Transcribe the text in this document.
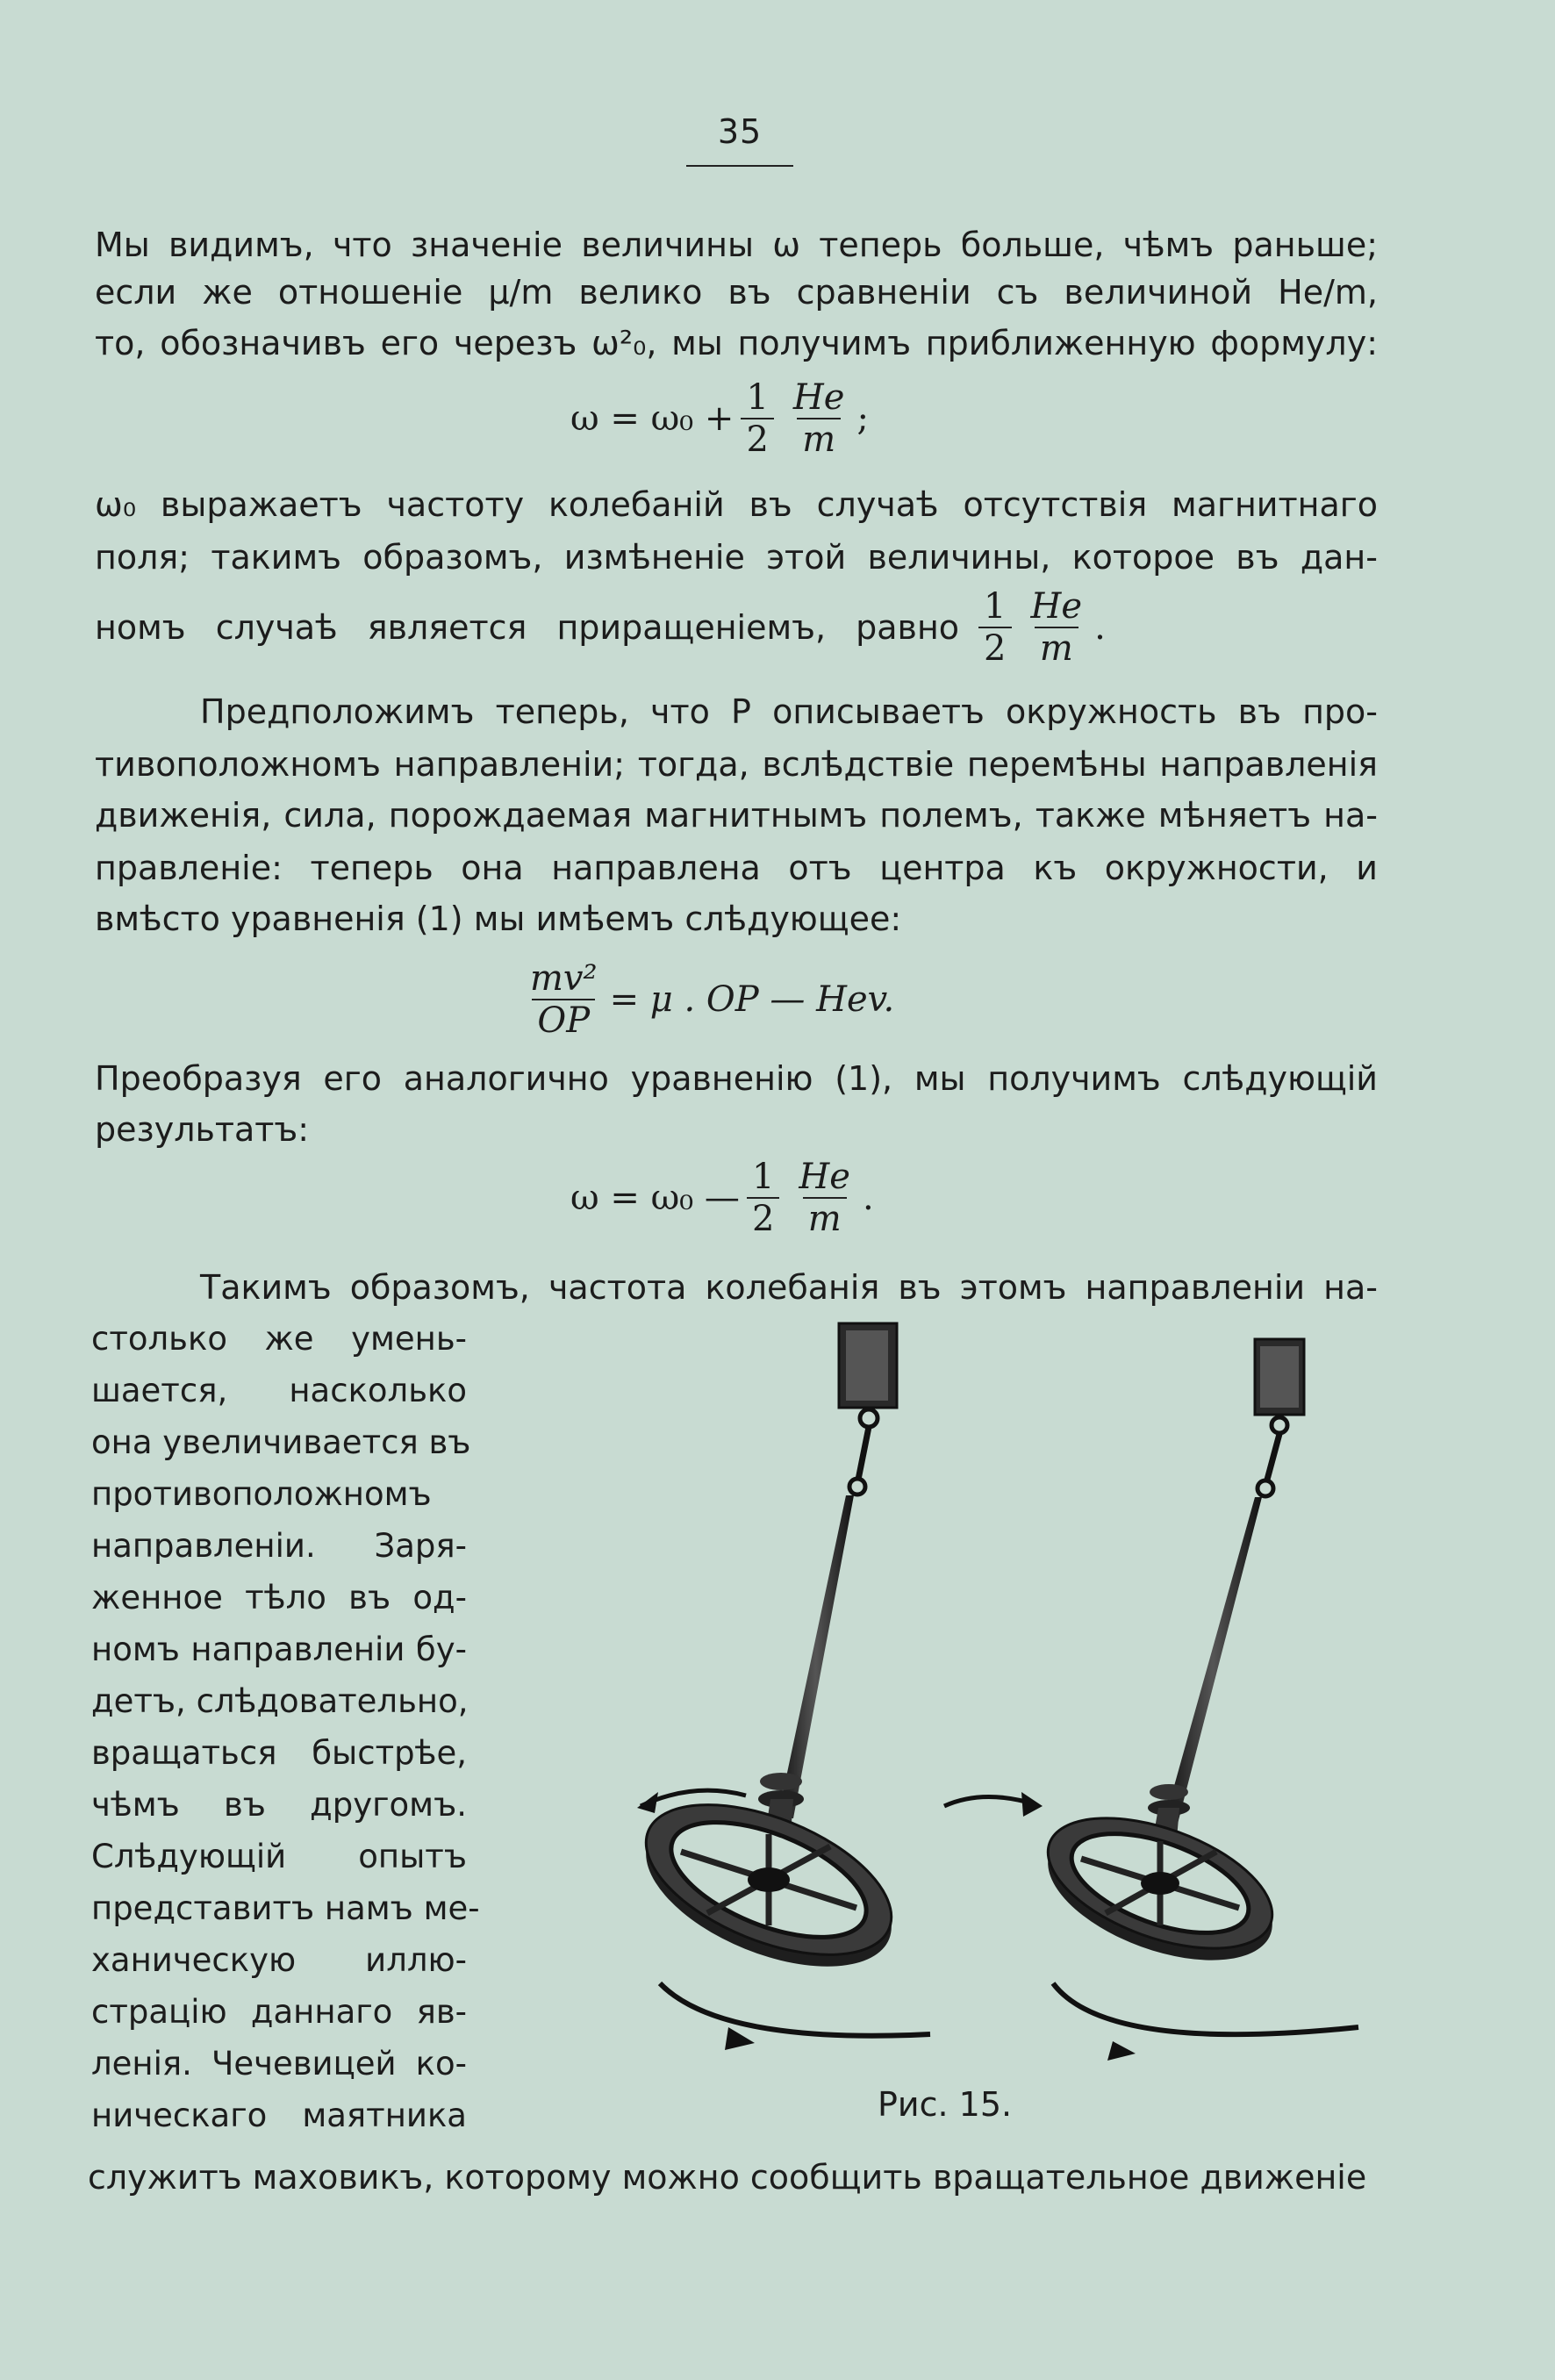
35
Мы видимъ, что значеніе величины ω теперь больше, чѣмъ раньше;
если же отношеніе μ/m велико въ сравненіи съ величиной He/m,
то, обозначивъ его черезъ ω²₀, мы получимъ приближенную формулу:
$\omega = \omega_0 + \frac{1}{2} \frac{He}{m}$ ;
ω₀ выражаетъ частоту колебаній въ случаѣ отсутствія магнитнаго
поля; такимъ образомъ, измѣненіе этой величины, которое въ дан-
номъ случаѣ является приращеніемъ, равно $\frac{1}{2} \frac{He}{m}$ .
Предположимъ теперь, что P описываетъ окружность въ про-
тивоположномъ направленіи; тогда, вслѣдствіе перемѣны направленія
движенія, сила, порождаемая магнитнымъ полемъ, также мѣняетъ на-
правленіе: теперь она направлена отъ центра къ окружности, и
вмѣсто уравненія (1) мы имѣемъ слѣдующее:
$\frac{\text{mv²}}{OP} = \mu$ . OP — Hev.
Преобразуя его аналогично уравненію (1), мы получимъ слѣдующій
результатъ:
ω = ω₀ — $\frac{1}{2} \frac{He}{m}$ .
Такимъ образомъ, частота колебанія въ этомъ направленіи на-
столько же умень-
шается, насколько
она увеличивается въ
противоположномъ
направленіи. Заря-
женное тѣло въ од-
номъ направленіи бу-
детъ, слѣдовательно,
вращаться быстрѣе,
чѣмъ въ другомъ.
Слѣдующій опытъ
представитъ намъ ме-
ханическую иллю-
страцію даннаго яв-
ленія. Чечевицей ко-
ническаго маятника	Рис. 15.
служитъ маховикъ, которому можно сообщить вращательное движеніе
